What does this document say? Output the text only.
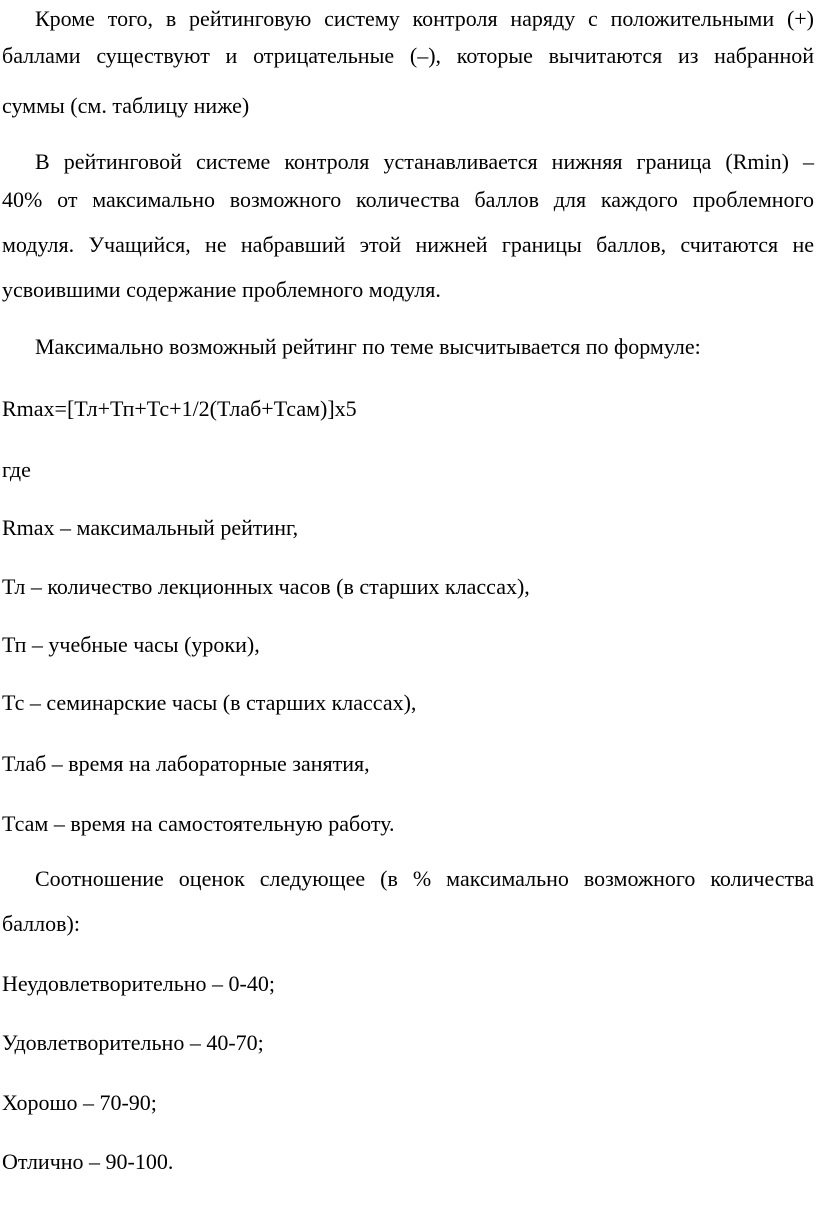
Кроме того, в рейтинговую систему контроля наряду с положительными (+)
баллами существуют и отрицательные (–), которые вычитаются из набранной
суммы (см. таблицу ниже)
В рейтинговой системе контроля устанавливается нижняя граница (Rmin) –
40% от максимально возможного количества баллов для каждого проблемного
модуля. Учащийся, не набравший этой нижней границы баллов, считаются не
усвоившими содержание проблемного модуля.
Максимально возможный рейтинг по теме высчитывается по формуле:
Rmax=[Тл+Тп+Тс+1/2(Тлаб+Тсам)]x5
где
Rmax – максимальный рейтинг,
Тл – количество лекционных часов (в старших классах),
Тп – учебные часы (уроки),
Тс – семинарские часы (в старших классах),
Тлаб – время на лабораторные занятия,
Тсам – время на самостоятельную работу.
Соотношение оценок следующее (в % максимально возможного количества
баллов):
Неудовлетворительно – 0-40;
Удовлетворительно – 40-70;
Хорошо – 70-90;
Отлично – 90-100.
